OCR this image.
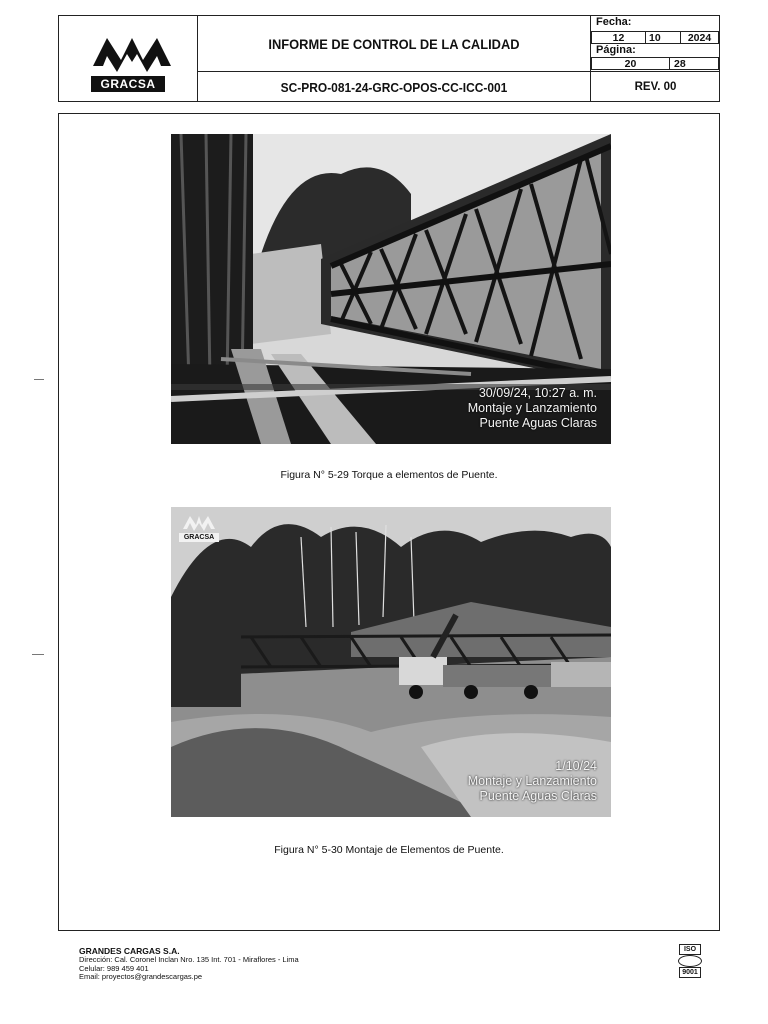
GRACSA
INFORME DE CONTROL DE LA CALIDAD
SC-PRO-081-24-GRC-OPOS-CC-ICC-001
Fecha:
12	10	2024
Página:
20	28
REV. 00
30/09/24, 10:27 a. m.
Montaje y Lanzamiento
Puente Aguas Claras
Figura N° 5-29 Torque a elementos de Puente.
GRACSA
1/10/24
Montaje y Lanzamiento
Puente Aguas Claras
Figura N° 5-30 Montaje de Elementos de Puente.
GRANDES CARGAS S.A.
Dirección: Cal. Coronel Inclan Nro. 135 Int. 701 - Miraflores - Lima
Celular: 989 459 401
Email: proyectos@grandescargas.pe
ISO
9001
